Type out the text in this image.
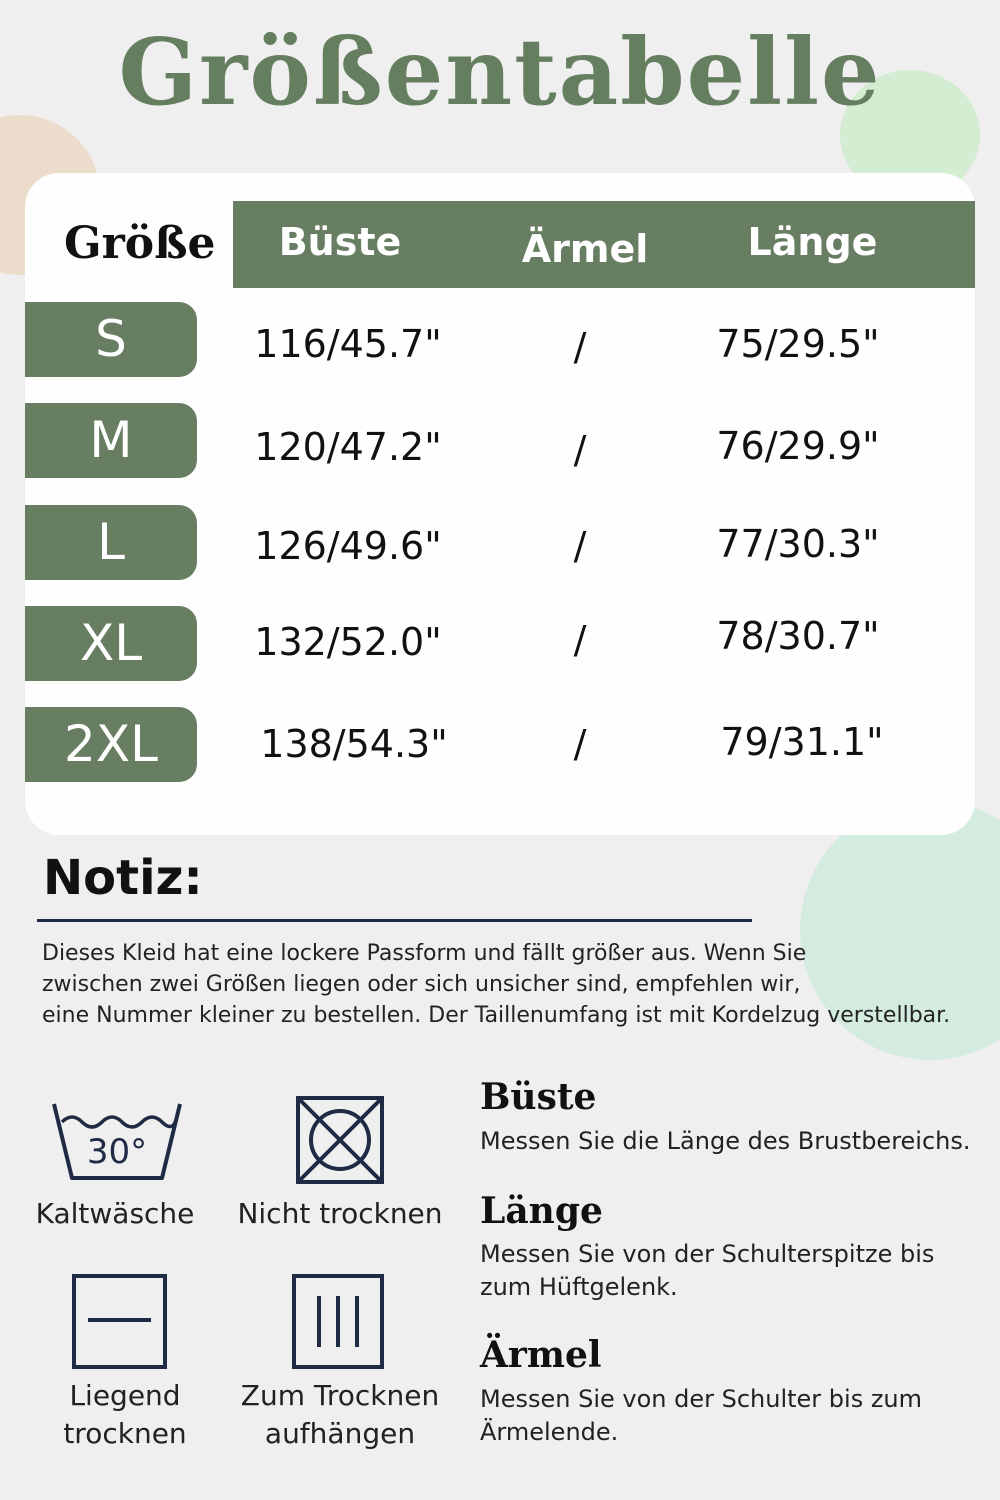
Größentabelle
Größe	Büste	Ärmel	Länge
S	116/45.7"	/	75/29.5"
M	120/47.2"	/	76/29.9"
L	126/49.6"	/	77/30.3"
XL	132/52.0"	/	78/30.7"
2XL	138/54.3"	/	79/31.1"
Notiz:
Dieses Kleid hat eine lockere Passform und fällt größer aus. Wenn Sie
zwischen zwei Größen liegen oder sich unsicher sind, empfehlen wir,
eine Nummer kleiner zu bestellen. Der Taillenumfang ist mit Kordelzug verstellbar.
30°
Kaltwäsche	Nicht trocknen
Liegend
trocknen
Zum Trocknen
aufhängen
Büste
Messen Sie die Länge des Brustbereichs.
Länge
Messen Sie von der Schulterspitze bis
zum Hüftgelenk.
Ärmel
Messen Sie von der Schulter bis zum
Ärmelende.
